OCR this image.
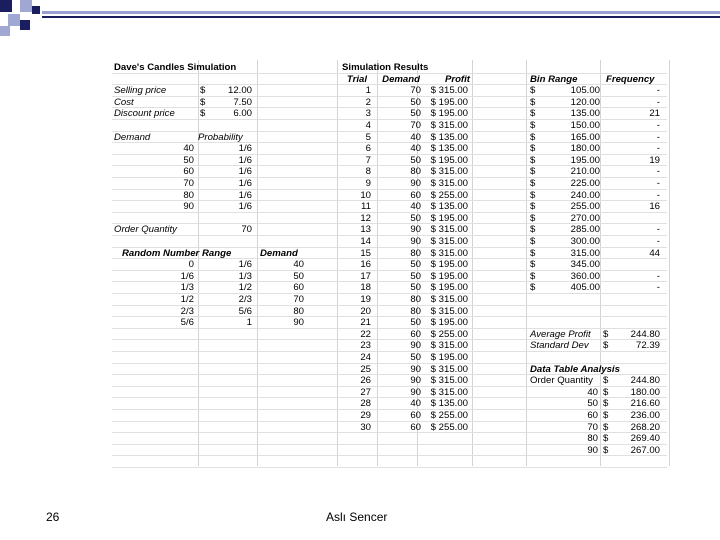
Dave's Candles Simulation
Selling price	$	12.00
Cost	$	7.50
Discount price	$	6.00
Demand	Probability
40	1/6
50	1/6
60	1/6
70	1/6
80	1/6
90	1/6
Order Quantity	70
Random Number Range	Demand
0	1/6	40
1/6	1/3	50
1/3	1/2	60
1/2	2/3	70
2/3	5/6	80
5/6	1	90
Simulation Results
Trial	Demand	Profit
1	70	$ 315.00
2	50	$ 195.00
3	50	$ 195.00
4	70	$ 315.00
5	40	$ 135.00
6	40	$ 135.00
7	50	$ 195.00
8	80	$ 315.00
9	90	$ 315.00
10	60	$ 255.00
11	40	$ 135.00
12	50	$ 195.00
13	90	$ 315.00
14	90	$ 315.00
15	80	$ 315.00
16	50	$ 195.00
17	50	$ 195.00
18	50	$ 195.00
19	80	$ 315.00
20	80	$ 315.00
21	50	$ 195.00
22	60	$ 255.00
23	90	$ 315.00
24	50	$ 195.00
25	90	$ 315.00
26	90	$ 315.00
27	90	$ 315.00
28	40	$ 135.00
29	60	$ 255.00
30	60	$ 255.00
Bin Range	Frequency
$	105.00	-
$	120.00	-
$	135.00	21
$	150.00	-
$	165.00	-
$	180.00	-
$	195.00	19
$	210.00	-
$	225.00	-
$	240.00	-
$	255.00	16
$	270.00
$	285.00	-
$	300.00	-
$	315.00	44
$	345.00
$	360.00	-
$	405.00	-
Average Profit $	244.80
Standard Dev $	72.39
Data Table Analysis
Order Quantity $	244.80
40 $	180.00
50 $	216.60
60 $	236.00
70 $	268.20
80 $	269.40
90 $	267.00
26	Aslı Sencer
